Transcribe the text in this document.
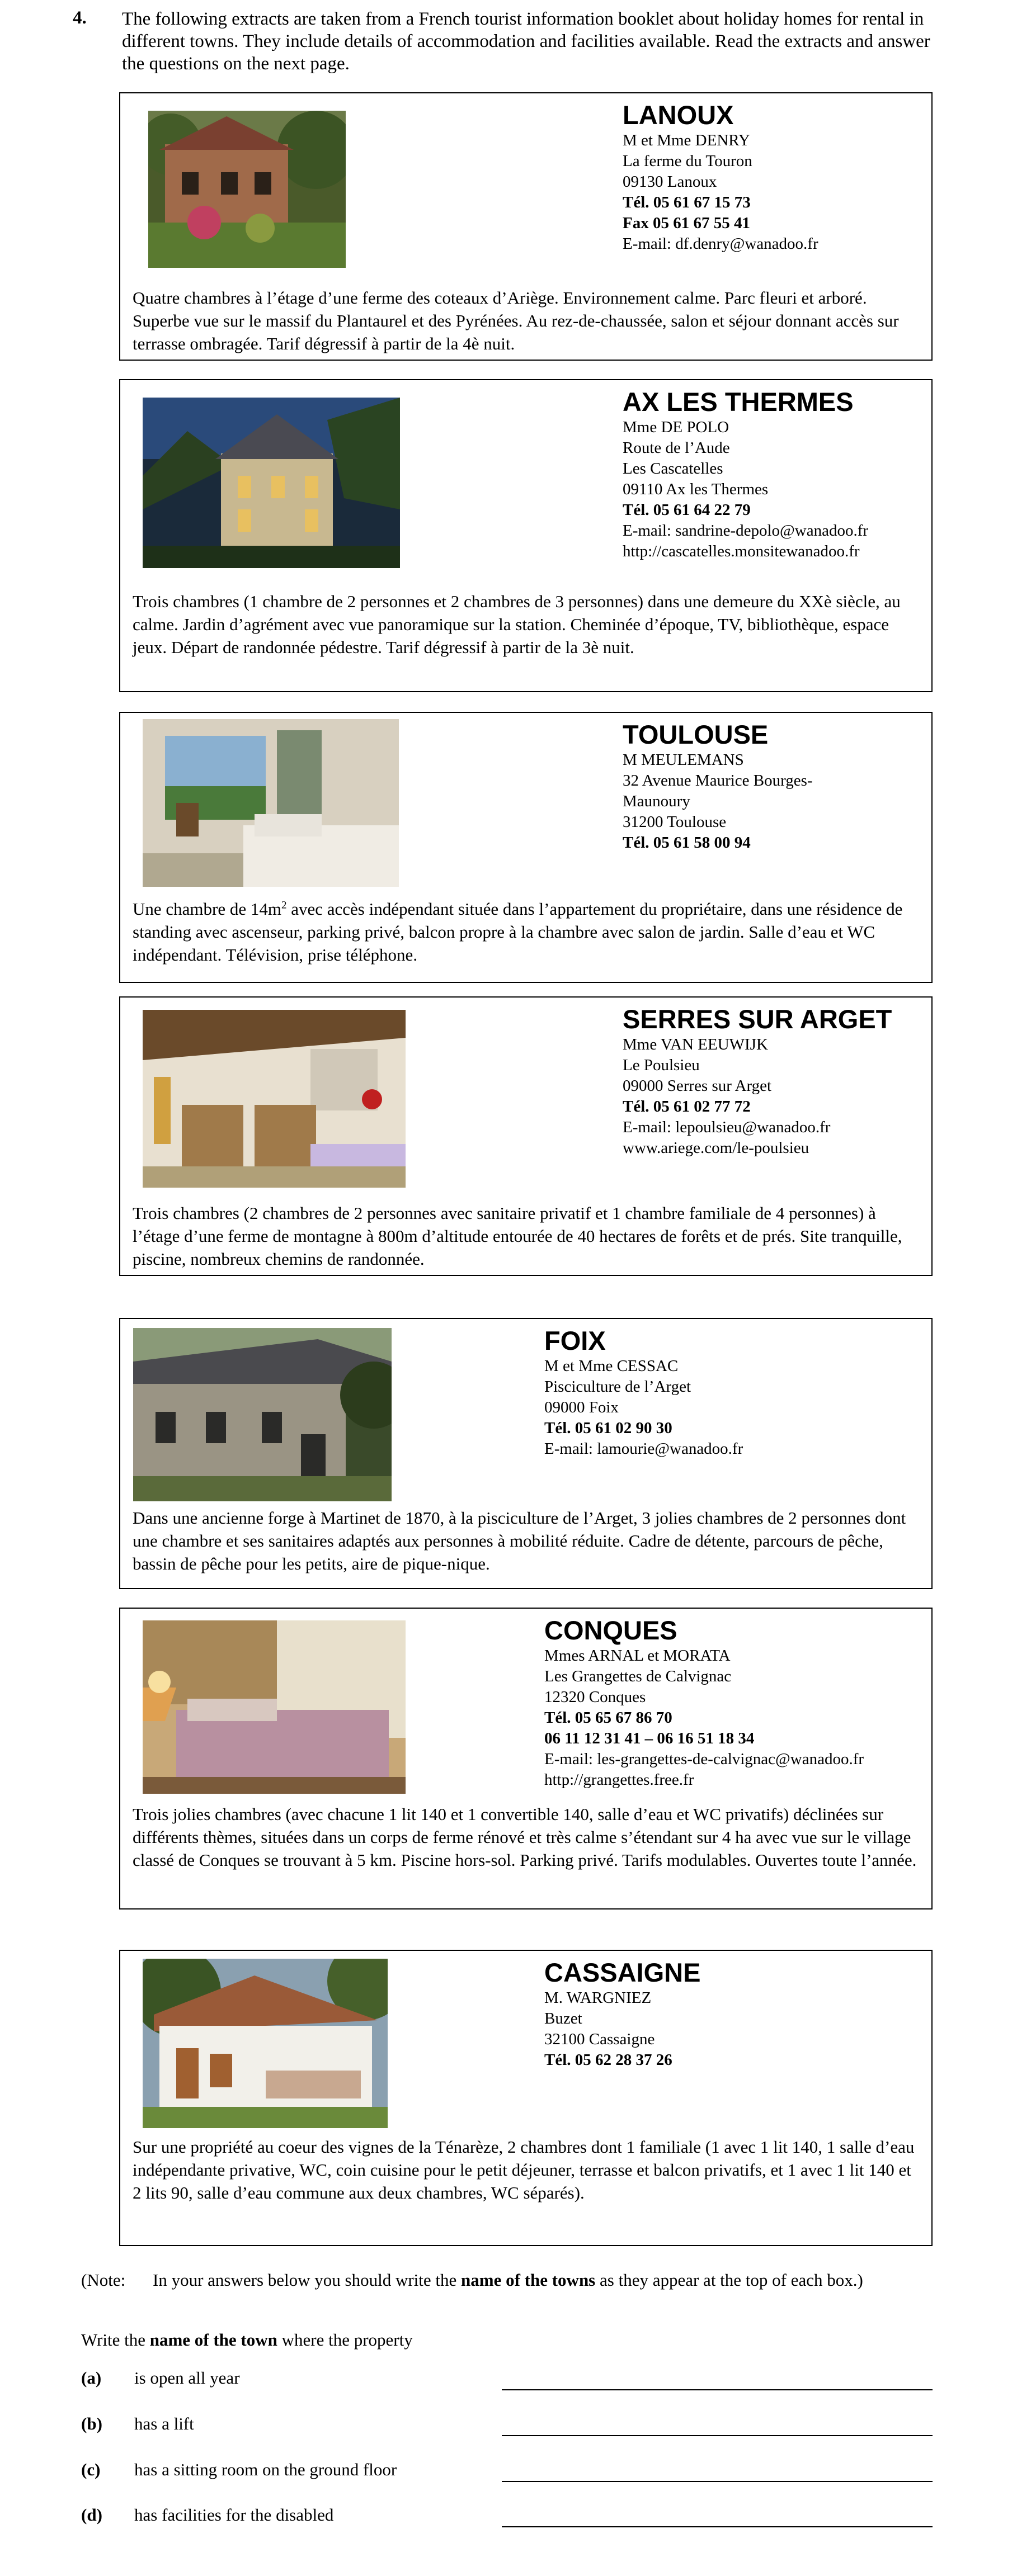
4. The following extracts are taken from a French tourist information booklet about holiday homes for rental in different towns. They include details of accommodation and facilities available. Read the extracts and answer the questions on the next page.

LANOUX
M et Mme DENRY
La ferme du Touron
09130 Lanoux
Tél. 05 61 67 15 73
Fax 05 61 67 55 41
E-mail: df.denry@wanadoo.fr

Quatre chambres à l’étage d’une ferme des coteaux d’Ariège. Environnement calme. Parc fleuri et arboré. Superbe vue sur le massif du Plantaurel et des Pyrénées. Au rez-de-chaussée, salon et séjour donnant accès sur terrasse ombragée. Tarif dégressif à partir de la 4è nuit.

AX LES THERMES
Mme DE POLO
Route de l’Aude
Les Cascatelles
09110 Ax les Thermes
Tél. 05 61 64 22 79
E-mail: sandrine-depolo@wanadoo.fr
http://cascatelles.monsitewanadoo.fr

Trois chambres (1 chambre de 2 personnes et 2 chambres de 3 personnes) dans une demeure du XXè siècle, au calme. Jardin d’agrément avec vue panoramique sur la station. Cheminée d’époque, TV, bibliothèque, espace jeux. Départ de randonnée pédestre. Tarif dégressif à partir de la 3è nuit.

TOULOUSE
M MEULEMANS
32 Avenue Maurice Bourges-
Maunoury
31200 Toulouse
Tél. 05 61 58 00 94

Une chambre de $14m^2$ avec accès indépendant située dans l’appartement du propriétaire, dans une résidence de standing avec ascenseur, parking privé, balcon propre à la chambre avec salon de jardin. Salle d’eau et WC indépendant. Télévision, prise téléphone.

SERRES SUR ARGET
Mme VAN EEUWIJK
Le Poulsieu
09000 Serres sur Arget
Tél. 05 61 02 77 72
E-mail: lepoulsieu@wanadoo.fr
www.ariege.com/le-poulsieu

Trois chambres (2 chambres de 2 personnes avec sanitaire privatif et 1 chambre familiale de 4 personnes) à l’étage d’une ferme de montagne à 800m d’altitude entourée de 40 hectares de forêts et de prés. Site tranquille, piscine, nombreux chemins de randonnée.

FOIX
M et Mme CESSAC
Pisciculture de l’Arget
09000 Foix
Tél. 05 61 02 90 30
E-mail: lamourie@wanadoo.fr

Dans une ancienne forge à Martinet de 1870, à la pisciculture de l’Arget, 3 jolies chambres de 2 personnes dont une chambre et ses sanitaires adaptés aux personnes à mobilité réduite. Cadre de détente, parcours de pêche, bassin de pêche pour les petits, aire de pique-nique.

CONQUES
Mmes ARNAL et MORATA
Les Grangettes de Calvignac
12320 Conques
Tél. 05 65 67 86 70
06 11 12 31 41 – 06 16 51 18 34
E-mail: les-grangettes-de-calvignac@wanadoo.fr
http://grangettes.free.fr

Trois jolies chambres (avec chacune 1 lit 140 et 1 convertible 140, salle d’eau et WC privatifs) déclinées sur différents thèmes, situées dans un corps de ferme rénové et très calme s’étendant sur 4 ha avec vue sur le village classé de Conques se trouvant à 5 km. Piscine hors-sol. Parking privé. Tarifs modulables. Ouvertes toute l’année.

CASSAIGNE
M. WARGNIEZ
Buzet
32100 Cassaigne
Tél. 05 62 28 37 26

Sur une propriété au coeur des vignes de la Ténarèze, 2 chambres dont 1 familiale (1 avec 1 lit 140, 1 salle d’eau indépendante privative, WC, coin cuisine pour le petit déjeuner, terrasse et balcon privatifs, et 1 avec 1 lit 140 et 2 lits 90, salle d’eau commune aux deux chambres, WC séparés).

(Note: In your answers below you should write the name of the towns as they appear at the top of each box.)
Write the name of the town where the property
(a) is open all year
(b) has a lift
(c) has a sitting room on the ground floor
(d) has facilities for the disabled
